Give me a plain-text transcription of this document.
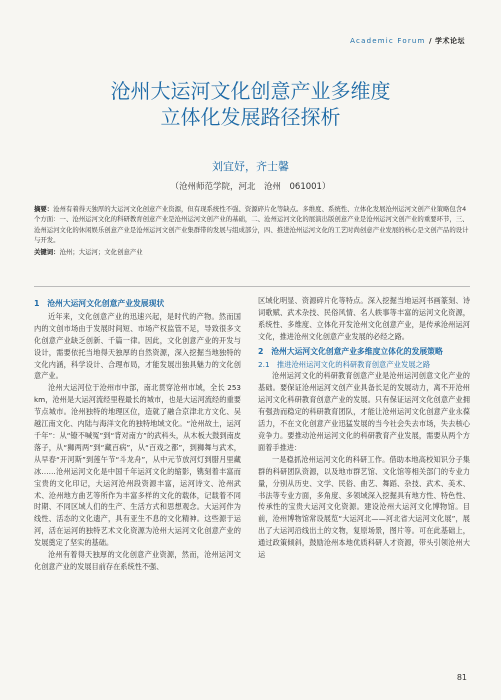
Academic Forum / 学术论坛
沧州大运河文化创意产业多维度
立体化发展路径探析
刘宜妤，齐士馨
（沧州师范学院，河北　沧州　061001）
摘要：沧州有着得天独厚的大运河文化创意产业资源，但有现系统性不强、资源碎片化等缺点。多维度、系统性、立体化发展沧州运河文创产业策略包含4个方面：一、沧州运河文化的科研教育创意产业是沧州运河文创产业的基础，二、沧州运河文化的展演出版创意产业是沧州运河文创产业的重要环节，三、沧州运河文化的休闲娱乐创意产业是沧州运河文创产业集群带的发展与组成部分，四、推进沧州运河文化的工艺时尚创意产业发展的核心是文创产品的设计与开发。
关键词：沧州；大运河；文化创意产业
1　沧州大运河文化创意产业发展现状

近年来，文化创意产业的迅速兴起，是时代的产物。然而国内的文创市场由于发展时间短、市场产权监管不足，导致很多文化创意产业缺乏创新、千篇一律。因此，文化创意产业的开发与设计，需要依托当地得天独厚的自然资源，深入挖掘当地独特的文化内涵，科学设计、合理布局，才能发展出独具魅力的文化创意产业。

沧州大运河位于沧州市中部，南北贯穿沧州市域，全长 253 km，沧州是大运河流经里程最长的城市，也是大运河流经的重要节点城市。沧州独特的地理区位，造就了融合京津北方文化、吴越江南文化、内陆与海洋文化的独特地域文化。“沧州故土，运河千年”：从“镣不喊冤”到“背对南方”的武科头，从木板大鼓到南皮落子，从“狮两两”到“藏百病”，从“百戏之都”，到狮舞与武术，从早春“开河斯”到莲午节“斗龙舟”，从中元节放河灯到腊月里藏冰……沧州运河文化是中国千年运河文化的缩影，镌刻着丰富而宝贵的文化印记，大运河沧州段资源丰富，运河诗文、沧州武术、沧州地方曲艺等所作为丰富多样的文化的载体，记载着不同时期、不同区域人们的生产、生活方式和思想观念。大运河作为线性、活态的文化遗产，具有亚生不息的文化精神。这些源于运河，活在运河的独特艺术文化资源为沧州大运河文化创意产业的发展奠定了坚实的基础。

沧州有着得天独厚的文化创意产业资源，然而，沧州运河文化创意产业的发展目前存在系统性不强、

区域化明显、资源碎片化等特点。深入挖掘当地运河书画篆刻、诗词歌赋、武术杂技、民俗风情、名人轶事等丰富的运河文化资源，系统性、多维度、立体化开发沧州文化创意产业，是传承沧州运河文化，推进沧州文化创意产业发展的必经之路。

2　沧州大运河文化创意产业多维度立体化的发展策略
2.1　推进沧州运河文化的科研教育创意产业发展之路

沧州运河文化的科研教育创意产业是沧州运河创意文化产业的基础。要保证沧州运河文创产业具备长足的发展动力，离不开沧州运河文化科研教育创意产业的发展。只有保证运河文化创意产业拥有强劲而稳定的科研教育团队，才能让沧州运河文化创意产业永葆活力，不在文化创意产业迅猛发展的当今社会失去市场，失去核心竞争力。要推动沧州运河文化的科研教育产业发展，需要从两个方面着手推进：

一是稳抓沧州运河文化的科研工作。借助本地高校知识分子集群的科研团队资源，以及地市群艺馆、文化馆等相关部门的专业力量，分别从历史、文学、民俗、曲艺、舞蹈、杂技、武术、美术、书法等专业方面，多角度、多领域深入挖掘具有地方性、特色性、传承性的宝贵大运河文化资源。建设沧州大运河文化博物馆。目前，沧州博物馆常设展览“大运河北——河北省大运河文化展”，展出了大运河沿线出土的文物，复原场景，图片等。可在此基础上，通过政策倾斜，鼓励沧州本地优质科研人才资源，带头引领沧州大运

81
